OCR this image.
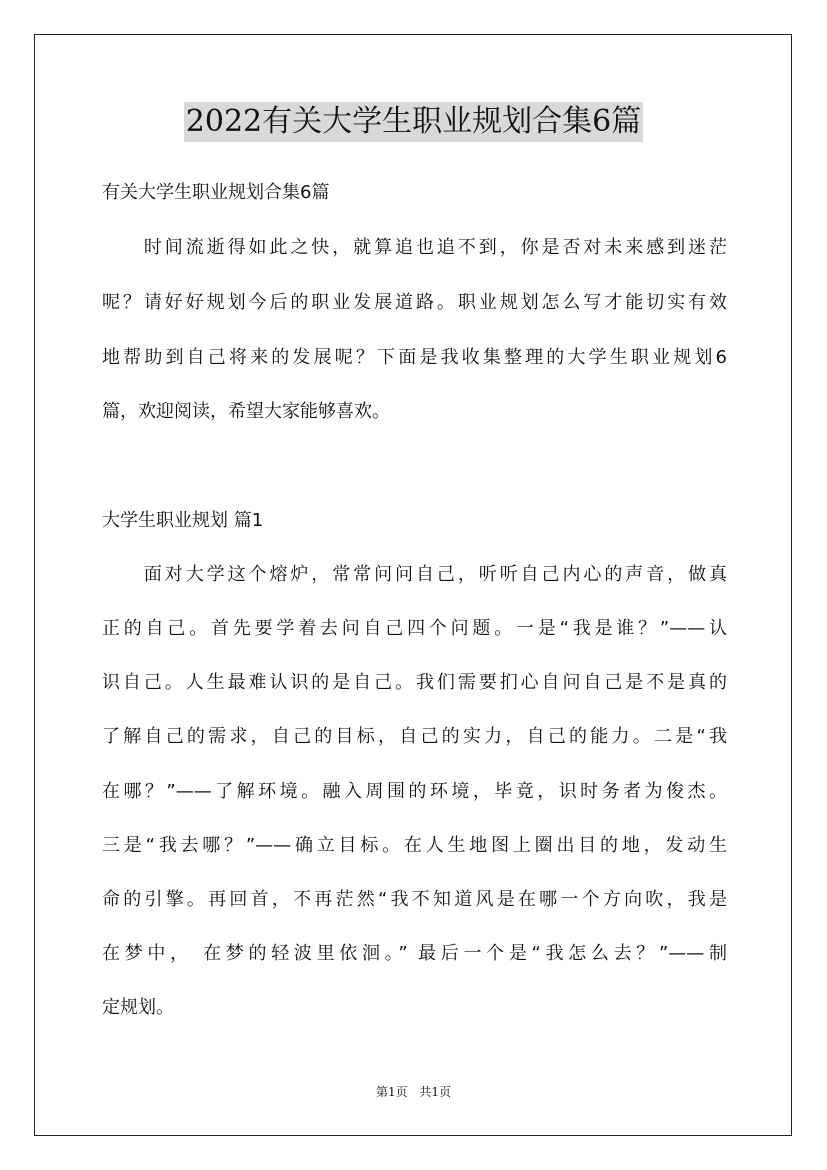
2022有关大学生职业规划合集6篇
有关大学生职业规划合集6篇
　　时间流逝得如此之快，就算追也追不到，你是否对未来感到迷茫
呢？请好好规划今后的职业发展道路。职业规划怎么写才能切实有效
地帮助到自己将来的发展呢？下面是我收集整理的大学生职业规划6
篇，欢迎阅读，希望大家能够喜欢。
大学生职业规划 篇1
　　面对大学这个熔炉，常常问问自己，听听自己内心的声音，做真
正的自己。首先要学着去问自己四个问题。一是“我是谁？”——认
识自己。人生最难认识的是自己。我们需要扪心自问自己是不是真的
了解自己的需求，自己的目标，自己的实力，自己的能力。二是“我
在哪？”——了解环境。融入周围的环境，毕竟，识时务者为俊杰。
三是“我去哪？”——确立目标。在人生地图上圈出目的地，发动生
命的引擎。再回首，不再茫然“我不知道风是在哪一个方向吹，我是
在梦中， 在梦的轻波里依洄。” 最后一个是“我怎么去？”——制
定规划。
第1页 共1页
